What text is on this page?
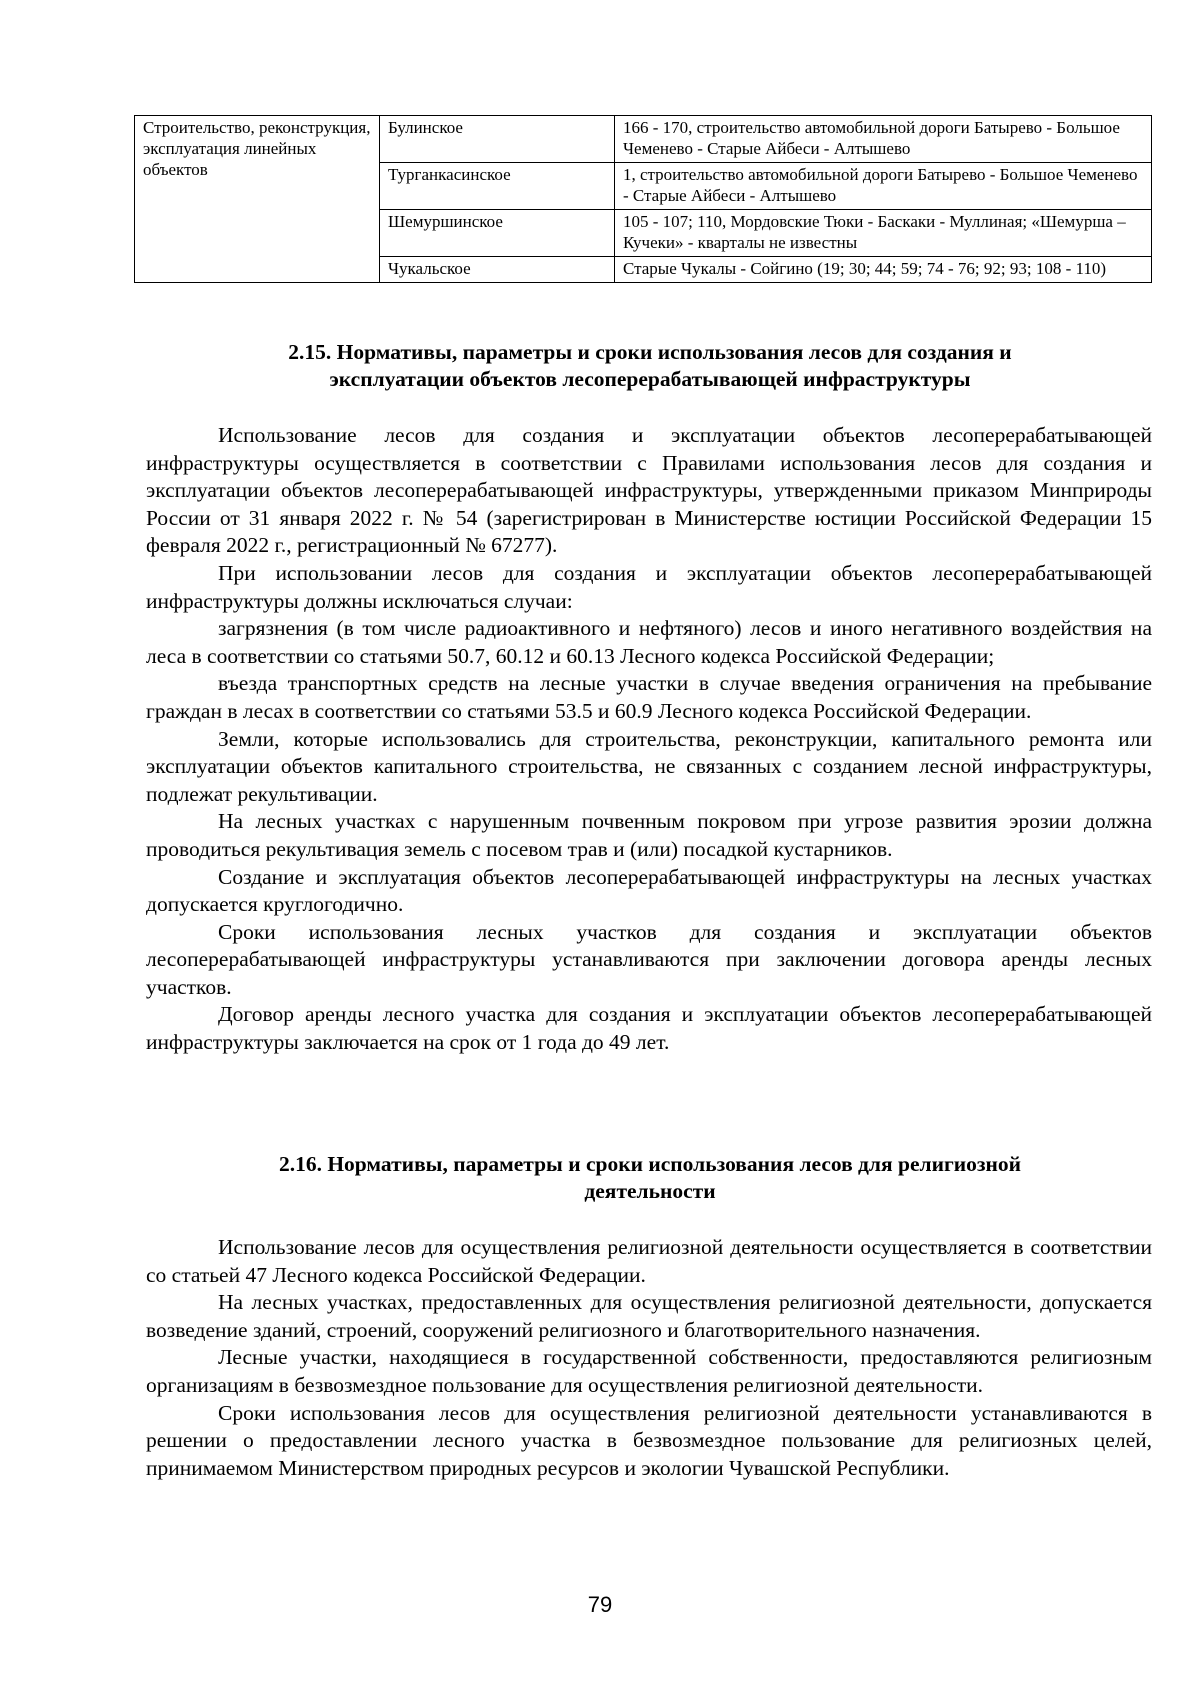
Строительство, реконструкция, эксплуатация линейных объектов	Булинское	166 - 170, строительство автомобильной дороги Батырево - Большое Чеменево - Старые Айбеси - Алтышево
	Турганкасинское	1, строительство автомобильной дороги Батырево - Большое Чеменево - Старые Айбеси - Алтышево
	Шемуршинское	105 - 107; 110, Мордовские Тюки - Баскаки - Муллиная; «Шемурша – Кучеки» - кварталы не известны
	Чукальское	Старые Чукалы - Сойгино (19; 30; 44; 59; 74 - 76; 92; 93; 108 - 110)
2.15. Нормативы, параметры и сроки использования лесов для создания и
эксплуатации объектов лесоперерабатывающей инфраструктуры

Использование лесов для создания и эксплуатации объектов лесоперерабатывающей инфраструктуры осуществляется в соответствии с Правилами использования лесов для создания и эксплуатации объектов лесоперерабатывающей инфраструктуры, утвержденными приказом Минприроды России от 31 января 2022 г. № 54 (зарегистрирован в Министерстве юстиции Российской Федерации 15 февраля 2022 г., регистрационный № 67277).

При использовании лесов для создания и эксплуатации объектов лесоперерабатывающей инфраструктуры должны исключаться случаи:

загрязнения (в том числе радиоактивного и нефтяного) лесов и иного негативного воздействия на леса в соответствии со статьями 50.7, 60.12 и 60.13 Лесного кодекса Российской Федерации;

въезда транспортных средств на лесные участки в случае введения ограничения на пребывание граждан в лесах в соответствии со статьями 53.5 и 60.9 Лесного кодекса Российской Федерации.

Земли, которые использовались для строительства, реконструкции, капитального ремонта или эксплуатации объектов капитального строительства, не связанных с созданием лесной инфраструктуры, подлежат рекультивации.

На лесных участках с нарушенным почвенным покровом при угрозе развития эрозии должна проводиться рекультивация земель с посевом трав и (или) посадкой кустарников.

Создание и эксплуатация объектов лесоперерабатывающей инфраструктуры на лесных участках допускается круглогодично.

Сроки использования лесных участков для создания и эксплуатации объектов лесоперерабатывающей инфраструктуры устанавливаются при заключении договора аренды лесных участков.

Договор аренды лесного участка для создания и эксплуатации объектов лесоперерабатывающей инфраструктуры заключается на срок от 1 года до 49 лет.

2.16. Нормативы, параметры и сроки использования лесов для религиозной
деятельности

Использование лесов для осуществления религиозной деятельности осуществляется в соответствии со статьей 47 Лесного кодекса Российской Федерации.

На лесных участках, предоставленных для осуществления религиозной деятельности, допускается возведение зданий, строений, сооружений религиозного и благотворительного назначения.

Лесные участки, находящиеся в государственной собственности, предоставляются религиозным организациям в безвозмездное пользование для осуществления религиозной деятельности.

Сроки использования лесов для осуществления религиозной деятельности устанавливаются в решении о предоставлении лесного участка в безвозмездное пользование для религиозных целей, принимаемом Министерством природных ресурсов и экологии Чувашской Республики.

79
